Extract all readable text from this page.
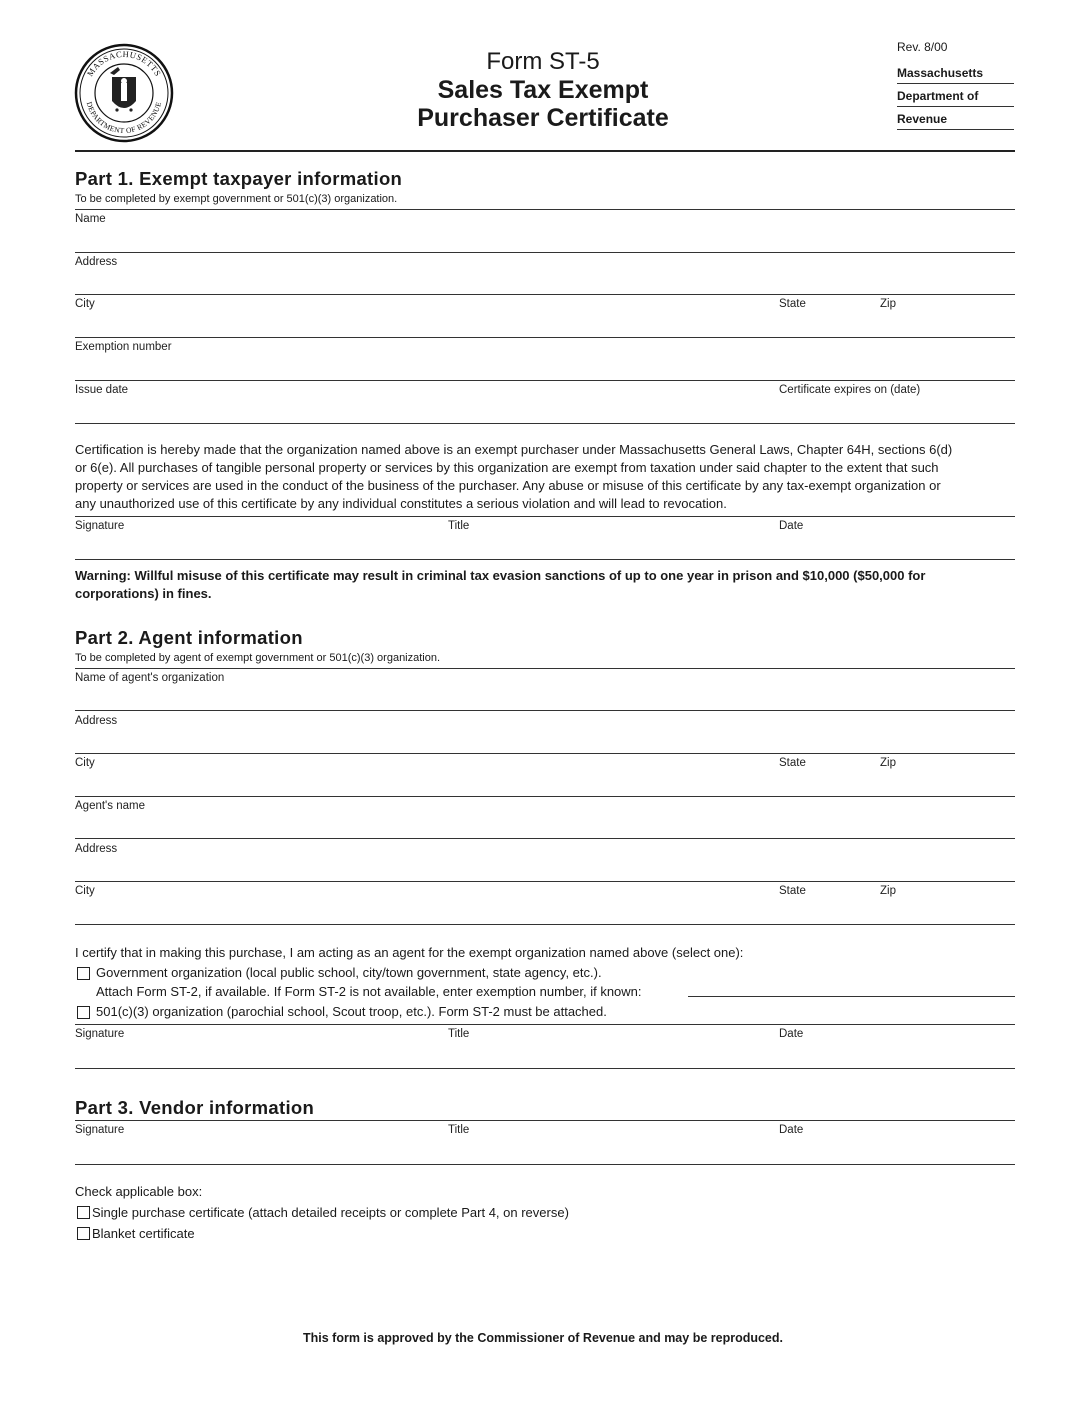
MASSACHUSETTS
DEPARTMENT OF REVENUE
Form ST-5
Sales Tax Exempt
Purchaser Certificate
Rev. 8/00
Massachusetts
Department of
Revenue
Part 1. Exempt taxpayer information
To be completed by exempt government or 501(c)(3) organization.
Name
Address
City	State	Zip
Exemption number
Issue date	Certificate expires on (date)
Certification is hereby made that the organization named above is an exempt purchaser under Massachusetts General Laws, Chapter 64H, sections 6(d)
or 6(e). All purchases of tangible personal property or services by this organization are exempt from taxation under said chapter to the extent that such
property or services are used in the conduct of the business of the purchaser. Any abuse or misuse of this certificate by any tax-exempt organization or
any unauthorized use of this certificate by any individual constitutes a serious violation and will lead to revocation.
Signature	Title	Date
Warning: Willful misuse of this certificate may result in criminal tax evasion sanctions of up to one year in prison and $10,000 ($50,000 for
corporations) in fines.
Part 2. Agent information
To be completed by agent of exempt government or 501(c)(3) organization.
Name of agent's organization
Address
City	State	Zip
Agent's name
Address
City	State	Zip
I certify that in making this purchase, I am acting as an agent for the exempt organization named above (select one):
Government organization (local public school, city/town government, state agency, etc.).
Attach Form ST-2, if available. If Form ST-2 is not available, enter exemption number, if known:
501(c)(3) organization (parochial school, Scout troop, etc.). Form ST-2 must be attached.
Signature	Title	Date
Part 3. Vendor information
Signature	Title	Date
Check applicable box:
Single purchase certificate (attach detailed receipts or complete Part 4, on reverse)
Blanket certificate
This form is approved by the Commissioner of Revenue and may be reproduced.
